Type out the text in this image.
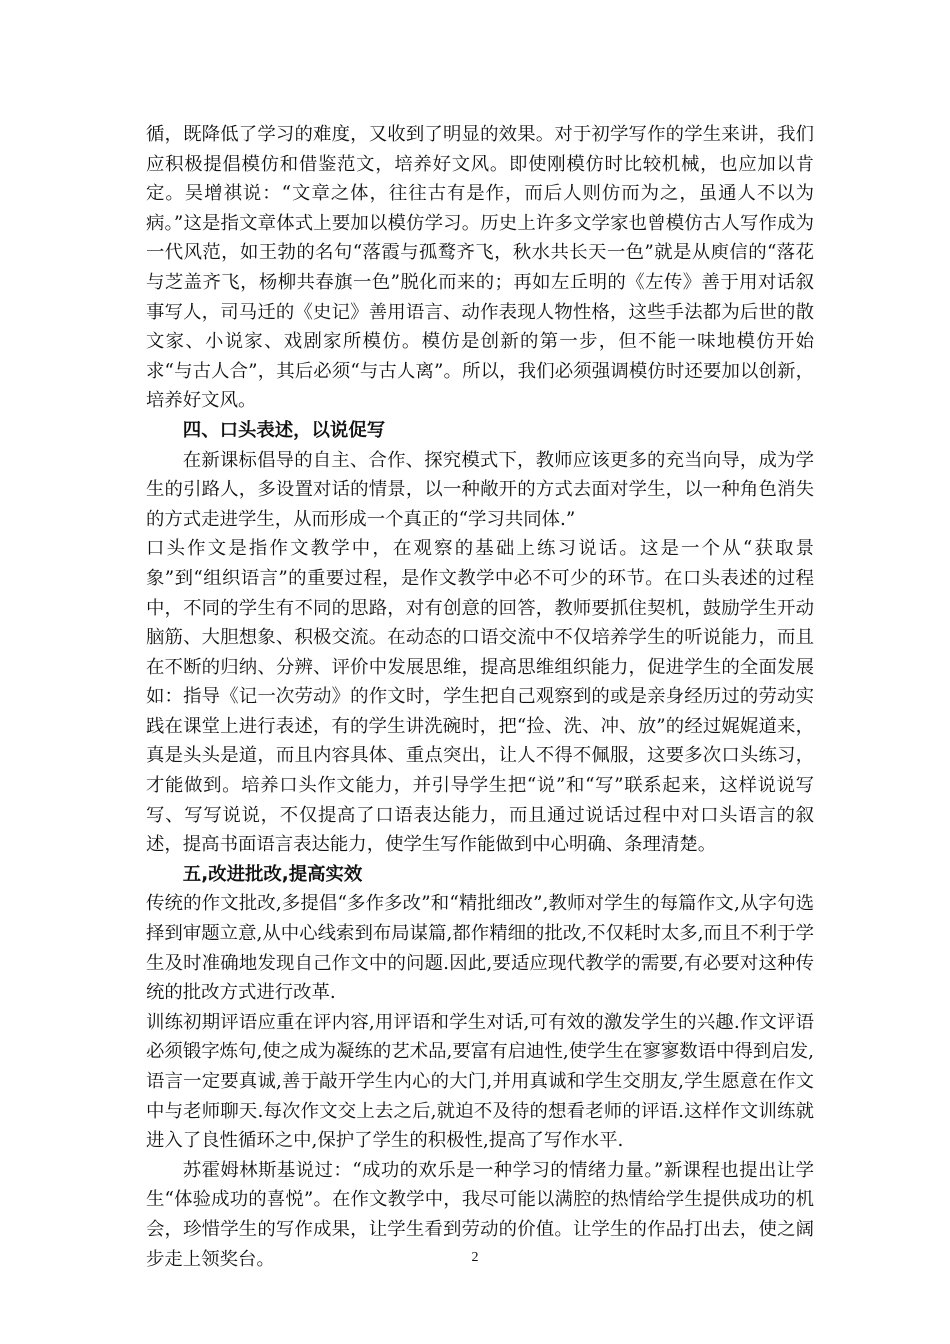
循，既降低了学习的难度，又收到了明显的效果。对于初学写作的学生来讲，我们应积极提倡模仿和借鉴范文，培养好文风。即使刚模仿时比较机械，也应加以肯定。吴增祺说：“文章之体，往往古有是作，而后人则仿而为之，虽通人不以为病。”这是指文章体式上要加以模仿学习。历史上许多文学家也曾模仿古人写作成为一代风范，如王勃的名句“落霞与孤鹜齐飞，秋水共长天一色”就是从庾信的“落花与芝盖齐飞，杨柳共春旗一色”脱化而来的；再如左丘明的《左传》善于用对话叙事写人，司马迁的《史记》善用语言、动作表现人物性格，这些手法都为后世的散文家、小说家、戏剧家所模仿。模仿是创新的第一步，但不能一味地模仿开始求“与古人合”，其后必须“与古人离”。所以，我们必须强调模仿时还要加以创新，培养好文风。

四、口头表述，以说促写

在新课标倡导的自主、合作、探究模式下，教师应该更多的充当向导，成为学生的引路人，多设置对话的情景，以一种敞开的方式去面对学生，以一种角色消失的方式走进学生，从而形成一个真正的“学习共同体.”

口头作文是指作文教学中，在观察的基础上练习说话。这是一个从“获取景象”到“组织语言”的重要过程，是作文教学中必不可少的环节。在口头表述的过程中，不同的学生有不同的思路，对有创意的回答，教师要抓住契机，鼓励学生开动脑筋、大胆想象、积极交流。在动态的口语交流中不仅培养学生的听说能力，而且在不断的归纳、分辨、评价中发展思维，提高思维组织能力，促进学生的全面发展如：指导《记一次劳动》的作文时，学生把自己观察到的或是亲身经历过的劳动实践在课堂上进行表述，有的学生讲洗碗时，把“捡、洗、冲、放”的经过娓娓道来，真是头头是道，而且内容具体、重点突出，让人不得不佩服，这要多次口头练习，才能做到。培养口头作文能力，并引导学生把“说”和“写”联系起来，这样说说写写、写写说说，不仅提高了口语表达能力，而且通过说话过程中对口头语言的叙述，提高书面语言表达能力，使学生写作能做到中心明确、条理清楚。

五,改进批改,提高实效

传统的作文批改,多提倡“多作多改”和“精批细改”,教师对学生的每篇作文,从字句选择到审题立意,从中心线索到布局谋篇,都作精细的批改,不仅耗时太多,而且不利于学生及时准确地发现自己作文中的问题.因此,要适应现代教学的需要,有必要对这种传统的批改方式进行改革.

训练初期评语应重在评内容,用评语和学生对话,可有效的激发学生的兴趣.作文评语必须锻字炼句,使之成为凝练的艺术品,要富有启迪性,使学生在寥寥数语中得到启发,语言一定要真诚,善于敲开学生内心的大门,并用真诚和学生交朋友,学生愿意在作文中与老师聊天.每次作文交上去之后,就迫不及待的想看老师的评语.这样作文训练就进入了良性循环之中,保护了学生的积极性,提高了写作水平.

苏霍姆林斯基说过：“成功的欢乐是一种学习的情绪力量。”新课程也提出让学生“体验成功的喜悦”。在作文教学中，我尽可能以满腔的热情给学生提供成功的机会，珍惜学生的写作成果，让学生看到劳动的价值。让学生的作品打出去，使之阔步走上领奖台。	2
